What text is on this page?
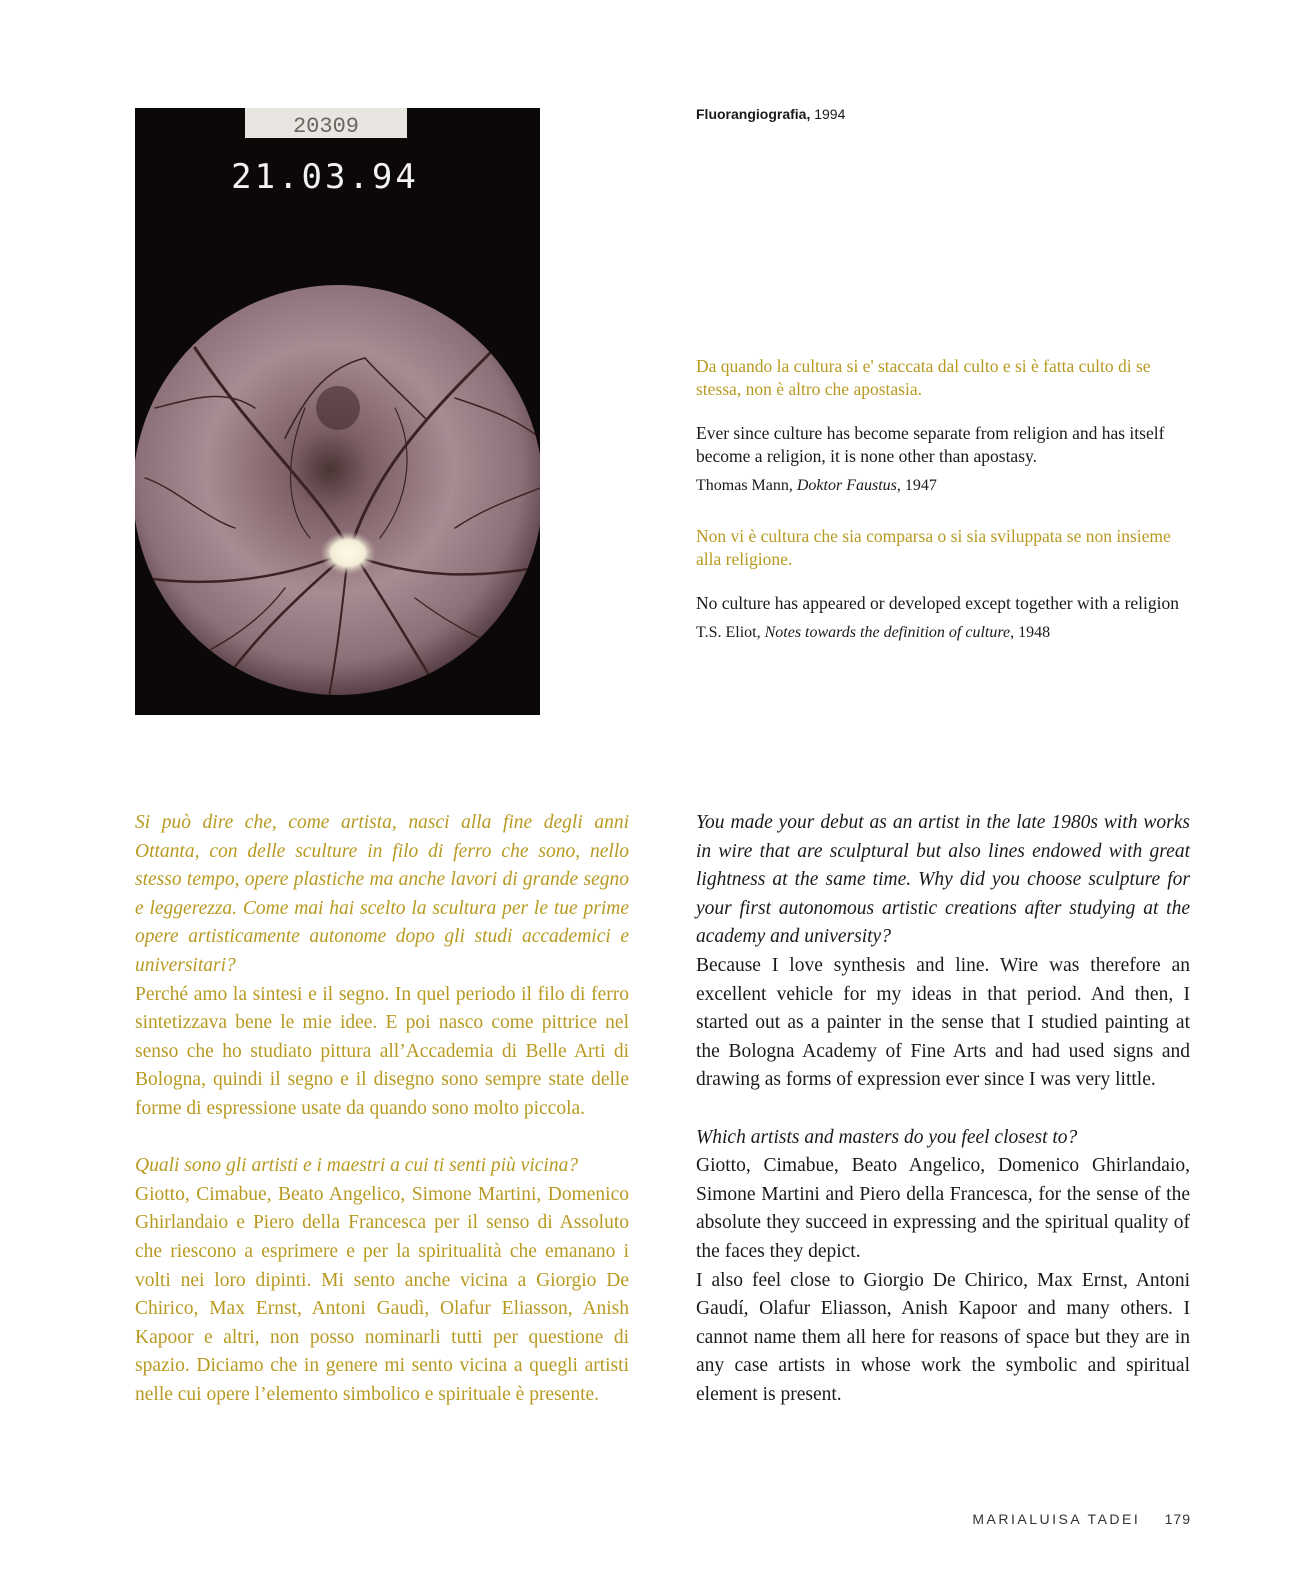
20309
21.03.94
Fluorangiografia, 1994
Da quando la cultura si e' staccata dal culto e si è fatta culto di se stessa, non è altro che apostasia.
Ever since culture has become separate from religion and has itself become a religion, it is none other than apostasy.
Thomas Mann, Doktor Faustus, 1947
Non vi è cultura che sia comparsa o si sia sviluppata se non insieme alla religione.
No culture has appeared or developed except together with a religion
T.S. Eliot, Notes towards the definition of culture, 1948

Si può dire che, come artista, nasci alla fine degli anni Ottanta, con delle sculture in filo di ferro che sono, nello stesso tempo, opere plastiche ma anche lavori di grande segno e leggerezza. Come mai hai scelto la scultura per le tue prime opere artisticamente autonome dopo gli studi accademici e universitari?

Perché amo la sintesi e il segno. In quel periodo il filo di ferro sintetizzava bene le mie idee. E poi nasco come pittrice nel senso che ho studiato pittura all’Accademia di Belle Arti di Bologna, quindi il segno e il disegno sono sempre state delle forme di espressione usate da quando sono molto piccola.

Quali sono gli artisti e i maestri a cui ti senti più vicina?

Giotto, Cimabue, Beato Angelico, Simone Martini, Domenico Ghirlandaio e Piero della Francesca per il senso di Assoluto che riescono a esprimere e per la spiritualità che emanano i volti nei loro dipinti. Mi sento anche vicina a Giorgio De Chirico, Max Ernst, Antoni Gaudì, Olafur Eliasson, Anish Kapoor e altri, non posso nominarli tutti per questione di spazio. Diciamo che in genere mi sento vicina a quegli artisti nelle cui opere l’elemento simbolico e spirituale è presente.

You made your debut as an artist in the late 1980s with works in wire that are sculptural but also lines endowed with great lightness at the same time. Why did you choose sculpture for your first autonomous artistic creations after studying at the academy and university?

Because I love synthesis and line. Wire was therefore an excellent vehicle for my ideas in that period. And then, I started out as a painter in the sense that I studied painting at the Bologna Academy of Fine Arts and had used signs and drawing as forms of expression ever since I was very little.

Which artists and masters do you feel closest to?

Giotto, Cimabue, Beato Angelico, Domenico Ghirlandaio, Simone Martini and Piero della Francesca, for the sense of the absolute they succeed in expressing and the spiritual quality of the faces they depict.

I also feel close to Giorgio De Chirico, Max Ernst, Antoni Gaudí, Olafur Eliasson, Anish Kapoor and many others. I cannot name them all here for reasons of space but they are in any case artists in whose work the symbolic and spiritual element is present.

MARIALUISA TADEI 179
